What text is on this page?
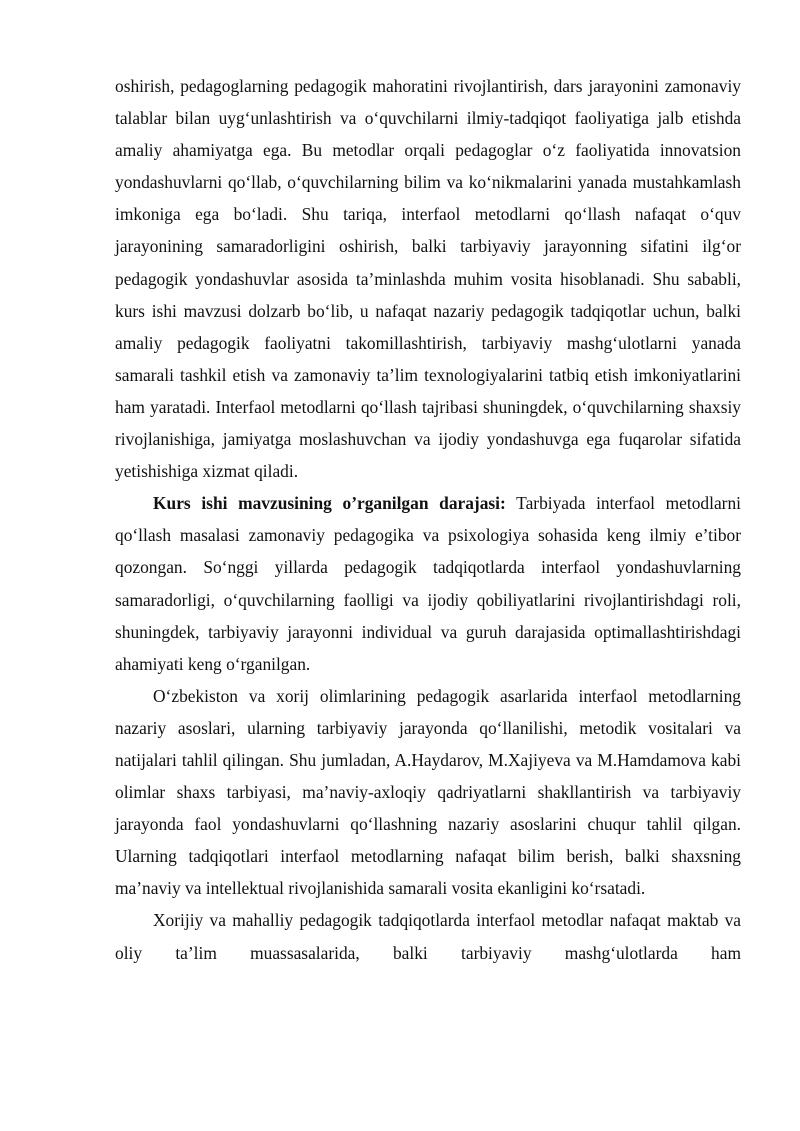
oshirish, pedagoglarning pedagogik mahoratini rivojlantirish, dars jarayonini zamonaviy talablar bilan uyg‘unlashtirish va o‘quvchilarni ilmiy-tadqiqot faoliyatiga jalb etishda amaliy ahamiyatga ega. Bu metodlar orqali pedagoglar o‘z faoliyatida innovatsion yondashuvlarni qo‘llab, o‘quvchilarning bilim va ko‘nikmalarini yanada mustahkamlash imkoniga ega bo‘ladi. Shu tariqa, interfaol metodlarni qo‘llash nafaqat o‘quv jarayonining samaradorligini oshirish, balki tarbiyaviy jarayonning sifatini ilg‘or pedagogik yondashuvlar asosida ta’minlashda muhim vosita hisoblanadi. Shu sababli, kurs ishi mavzusi dolzarb bo‘lib, u nafaqat nazariy pedagogik tadqiqotlar uchun, balki amaliy pedagogik faoliyatni takomillashtirish, tarbiyaviy mashg‘ulotlarni yanada samarali tashkil etish va zamonaviy ta’lim texnologiyalarini tatbiq etish imkoniyatlarini ham yaratadi. Interfaol metodlarni qo‘llash tajribasi shuningdek, o‘quvchilarning shaxsiy rivojlanishiga, jamiyatga moslashuvchan va ijodiy yondashuvga ega fuqarolar sifatida yetishishiga xizmat qiladi.

Kurs ishi mavzusining o’rganilgan darajasi: Tarbiyada interfaol metodlarni qo‘llash masalasi zamonaviy pedagogika va psixologiya sohasida keng ilmiy e’tibor qozongan. So‘nggi yillarda pedagogik tadqiqotlarda interfaol yondashuvlarning samaradorligi, o‘quvchilarning faolligi va ijodiy qobiliyatlarini rivojlantirishdagi roli, shuningdek, tarbiyaviy jarayonni individual va guruh darajasida optimallashtirishdagi ahamiyati keng o‘rganilgan.

O‘zbekiston va xorij olimlarining pedagogik asarlarida interfaol metodlarning nazariy asoslari, ularning tarbiyaviy jarayonda qo‘llanilishi, metodik vositalari va natijalari tahlil qilingan. Shu jumladan, A.Haydarov, M.Xajiyeva va M.Hamdamova kabi olimlar shaxs tarbiyasi, ma’naviy-axloqiy qadriyatlarni shakllantirish va tarbiyaviy jarayonda faol yondashuvlarni qo‘llashning nazariy asoslarini chuqur tahlil qilgan. Ularning tadqiqotlari interfaol metodlarning nafaqat bilim berish, balki shaxsning ma’naviy va intellektual rivojlanishida samarali vosita ekanligini ko‘rsatadi.

Xorijiy va mahalliy pedagogik tadqiqotlarda interfaol metodlar nafaqat maktab va oliy ta’lim muassasalarida, balki tarbiyaviy mashg‘ulotlarda ham
